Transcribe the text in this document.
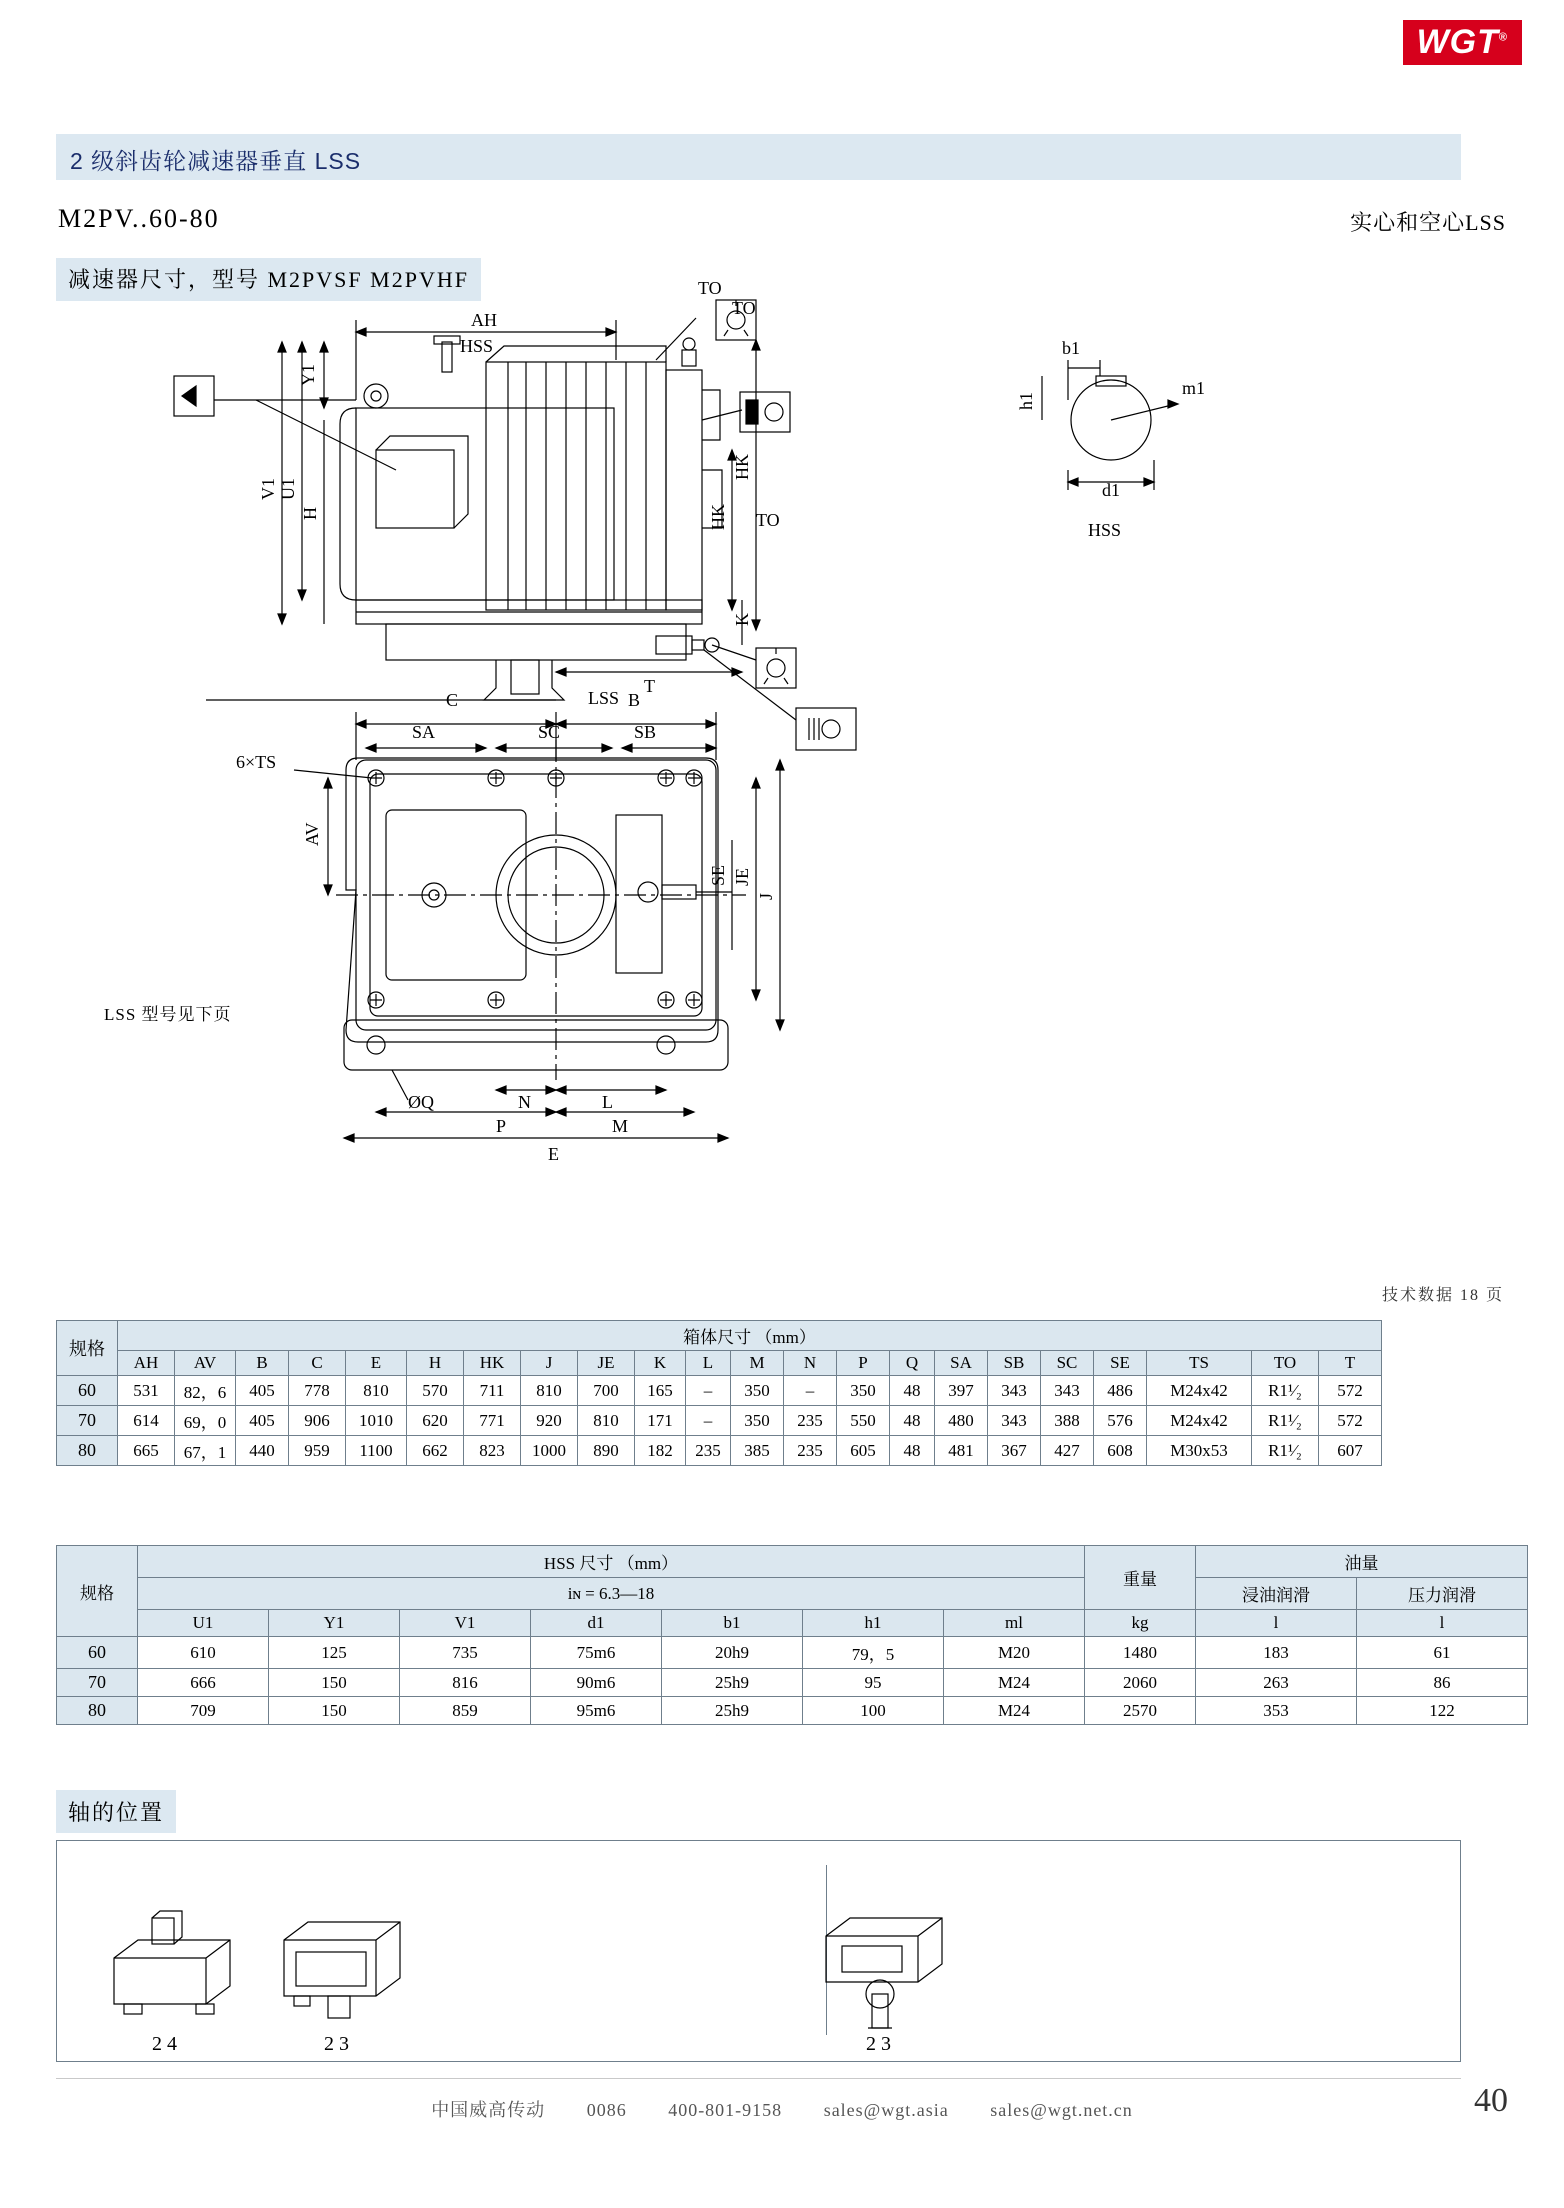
WGT®
2 级斜齿轮减速器垂直 LSS
M2PV..60-80	实心和空心LSS
减速器尺寸，型号 M2PVSF M2PVHF
AH
HSS
TO
TO
Y1
U1
V1
H
HK
HK
K
T
LSS
TO
b1
h1
m1
d1
HSS
C	B
SA	SC	SB
6×TS
AV
SE JE
J
ØQ	N	L
P	M
E
LSS 型号见下页
技术数据 18 页
规格	箱体尺寸 （mm）																					
	AH	AV	B	C	E	H	HK	J	JE	K	L	M	N	P	Q	SA	SB	SC	SE	TS	TO	T
60	531	82，6	405	778	810	570	711	810	700	165	–	350	–	350	48	397	343	343	486	M24x42	R1¹⁄₂	572
70	614	69，0	405	906	1010	620	771	920	810	171	–	350	235	550	48	480	343	388	576	M24x42	R1¹⁄₂	572
80	665	67，1	440	959	1100	662	823	1000	890	182	235	385	235	605	48	481	367	427	608	M30x53	R1¹⁄₂	607
规格	HSS 尺寸 （mm）							重量	油量	
	iɴ = 6.3—18								浸油润滑	压力润滑
	U1	Y1	V1	d1	b1	h1	ml	kg	l	l
60	610	125	735	75m6	20h9	79，5	M20	1480	183	61
70	666	150	816	90m6	25h9	95	M24	2060	263	86
80	709	150	859	95m6	25h9	100	M24	2570	353	122
轴的位置
2 4	2 3	2 3
中国威高传动 0086 400-801-9158 sales@wgt.asia sales@wgt.net.cn	40
